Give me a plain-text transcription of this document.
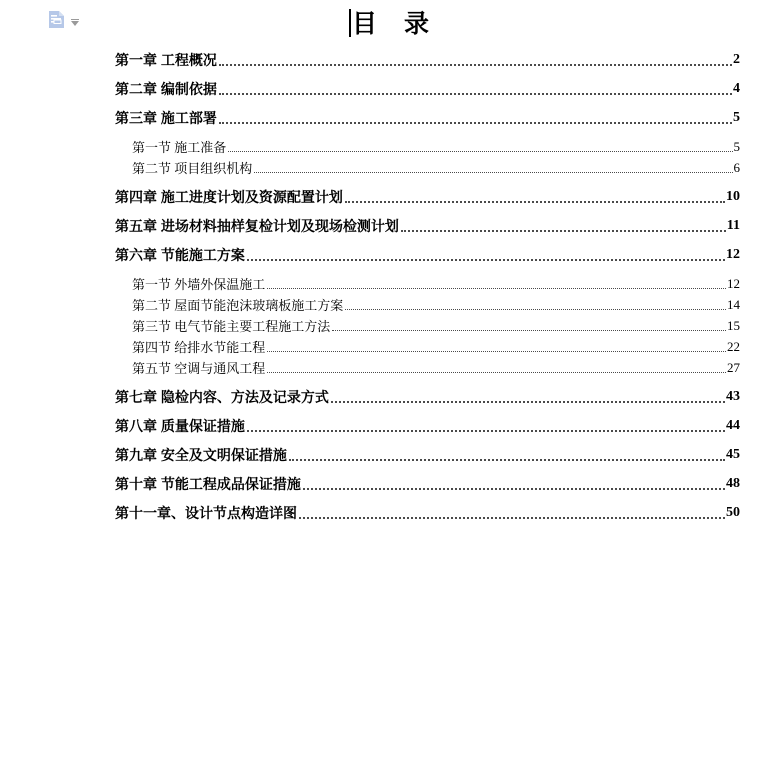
目　录
第一章 工程概况	2
第二章 编制依据	4
第三章 施工部署	5
第一节 施工准备	5
第二节 项目组织机构	6
第四章 施工进度计划及资源配置计划	10
第五章 进场材料抽样复检计划及现场检测计划	11
第六章 节能施工方案	12
第一节 外墙外保温施工	12
第二节 屋面节能泡沫玻璃板施工方案	14
第三节 电气节能主要工程施工方法	15
第四节 给排水节能工程	22
第五节 空调与通风工程	27
第七章 隐检内容、方法及记录方式	43
第八章 质量保证措施	44
第九章 安全及文明保证措施	45
第十章 节能工程成品保证措施	48
第十一章、设计节点构造详图	50
